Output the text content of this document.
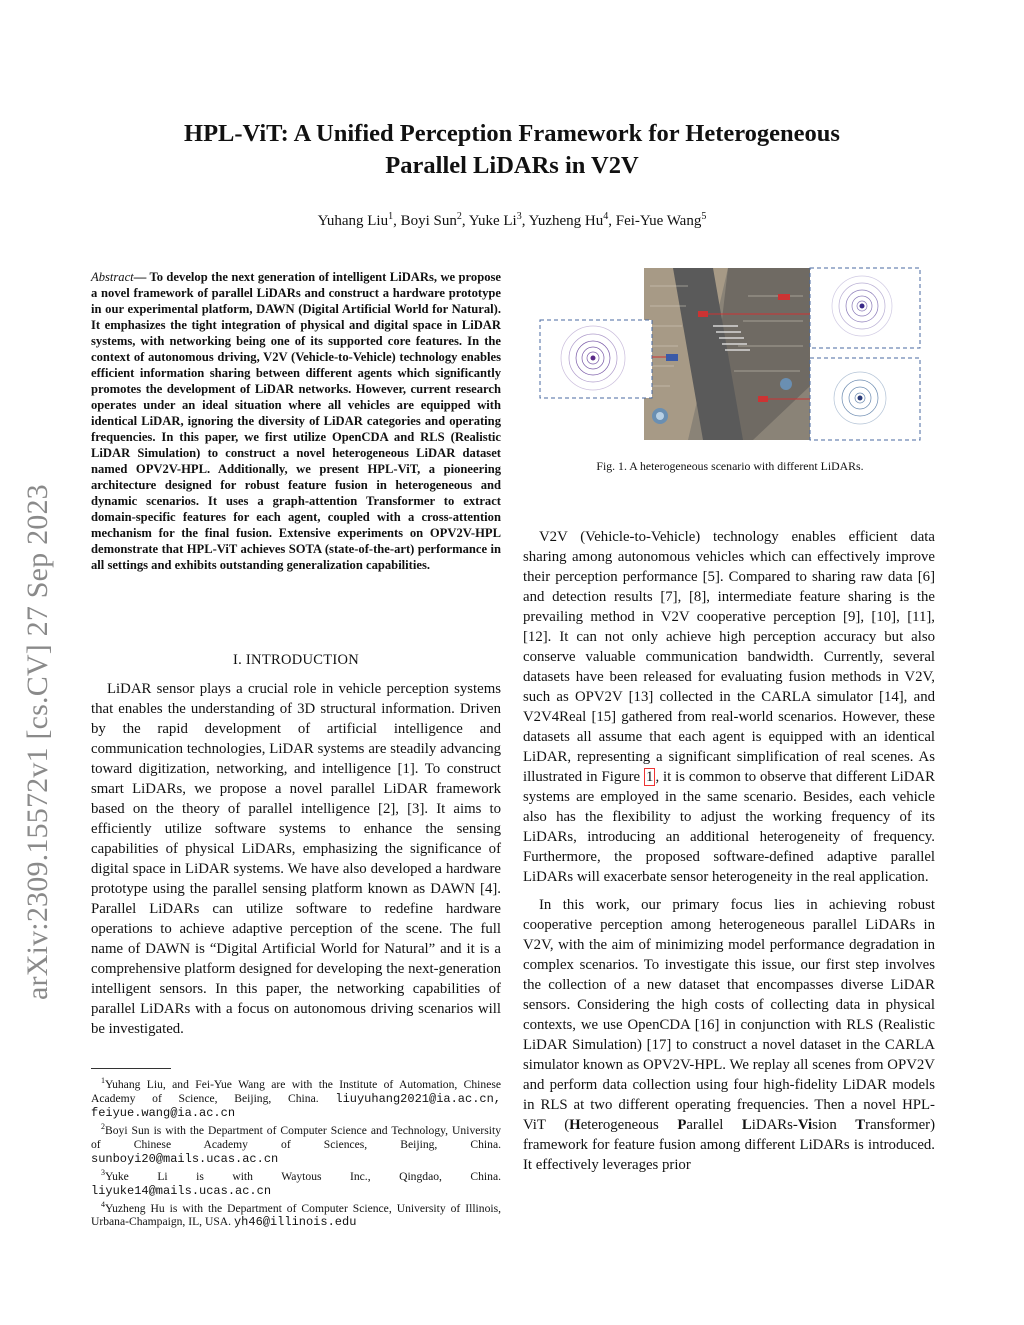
arXiv:2309.15572v1 [cs.CV] 27 Sep 2023
HPL-ViT: A Unified Perception Framework for Heterogeneous
Parallel LiDARs in V2V
Yuhang Liu$^1$, Boyi Sun$^2$, Yuke Li$^3$, Yuzheng Hu$^4$, Fei-Yue Wang$^5$
Abstract— To develop the next generation of intelligent LiDARs, we propose a novel framework of parallel LiDARs and construct a hardware prototype in our experimental platform, DAWN (Digital Artificial World for Natural). It emphasizes the tight integration of physical and digital space in LiDAR systems, with networking being one of its supported core features. In the context of autonomous driving, V2V (Vehicle-to-Vehicle) technology enables efficient information sharing between different agents which significantly promotes the development of LiDAR networks. However, current research operates under an ideal situation where all vehicles are equipped with identical LiDAR, ignoring the diversity of LiDAR categories and operating frequencies. In this paper, we first utilize OpenCDA and RLS (Realistic LiDAR Simulation) to construct a novel heterogeneous LiDAR dataset named OPV2V-HPL. Additionally, we present HPL-ViT, a pioneering architecture designed for robust feature fusion in heterogeneous and dynamic scenarios. It uses a graph-attention Transformer to extract domain-specific features for each agent, coupled with a cross-attention mechanism for the final fusion. Extensive experiments on OPV2V-HPL demonstrate that HPL-ViT achieves SOTA (state-of-the-art) performance in all settings and exhibits outstanding generalization capabilities.
I. INTRODUCTION

LiDAR sensor plays a crucial role in vehicle perception systems that enables the understanding of 3D structural information. Driven by the rapid development of artificial intelligence and communication technologies, LiDAR systems are steadily advancing toward digitization, networking, and intelligence [1]. To construct smart LiDARs, we propose a novel parallel LiDAR framework based on the theory of parallel intelligence [2], [3]. It aims to efficiently utilize software systems to enhance the sensing capabilities of physical LiDARs, emphasizing the significance of digital space in LiDAR systems. We have also developed a hardware prototype using the parallel sensing platform known as DAWN [4]. Parallel LiDARs can utilize software to redefine hardware operations to achieve adaptive perception of the scene. The full name of DAWN is “Digital Artificial World for Natural” and it is a comprehensive platform designed for developing the next-generation intelligent sensors. In this paper, the networking capabilities of parallel LiDARs with a focus on autonomous driving scenarios will be investigated.

$^1$Yuhang Liu, and Fei-Yue Wang are with the Institute of Automation, Chinese Academy of Science, Beijing, China. liuyuhang2021@ia.ac.cn, feiyue.wang@ia.ac.cn

$^2$Boyi Sun is with the Department of Computer Science and Technology, University of Chinese Academy of Sciences, Beijing, China. sunboyi20@mails.ucas.ac.cn

$^3$Yuke Li is with Waytous Inc., Qingdao, China. liyuke14@mails.ucas.ac.cn

$^4$Yuzheng Hu is with the Department of Computer Science, University of Illinois, Urbana-Champaign, IL, USA. yh46@illinois.edu

Fig. 1. A heterogeneous scenario with different LiDARs.

V2V (Vehicle-to-Vehicle) technology enables efficient data sharing among autonomous vehicles which can effectively improve their perception performance [5]. Compared to sharing raw data [6] and detection results [7], [8], intermediate feature sharing is the prevailing method in V2V cooperative perception [9], [10], [11], [12]. It can not only achieve high perception accuracy but also conserve valuable communication bandwidth. Currently, several datasets have been released for evaluating fusion methods in V2V, such as OPV2V [13] collected in the CARLA simulator [14], and V2V4Real [15] gathered from real-world scenarios. However, these datasets all assume that each agent is equipped with an identical LiDAR, representing a significant simplification of real scenes. As illustrated in Figure 1 , it is common to observe that different LiDAR systems are employed in the same scenario. Besides, each vehicle also has the flexibility to adjust the working frequency of its LiDARs, introducing an additional heterogeneity of frequency. Furthermore, the proposed software-defined adaptive parallel LiDARs will exacerbate sensor heterogeneity in the real application.

In this work, our primary focus lies in achieving robust cooperative perception among heterogeneous parallel LiDARs in V2V, with the aim of minimizing model performance degradation in complex scenarios. To investigate this issue, our first step involves the collection of a new dataset that encompasses diverse LiDAR sensors. Considering the high costs of collecting data in physical contexts, we use OpenCDA [16] in conjunction with RLS (Realistic LiDAR Simulation) [17] to construct a novel dataset in the CARLA simulator known as OPV2V-HPL. We replay all scenes from OPV2V and perform data collection using four high-fidelity LiDAR models in RLS at two different operating frequencies. Then a novel HPL-ViT (Heterogeneous Parallel LiDARs-Vision Transformer) framework for feature fusion among different LiDARs is introduced. It effectively leverages prior
